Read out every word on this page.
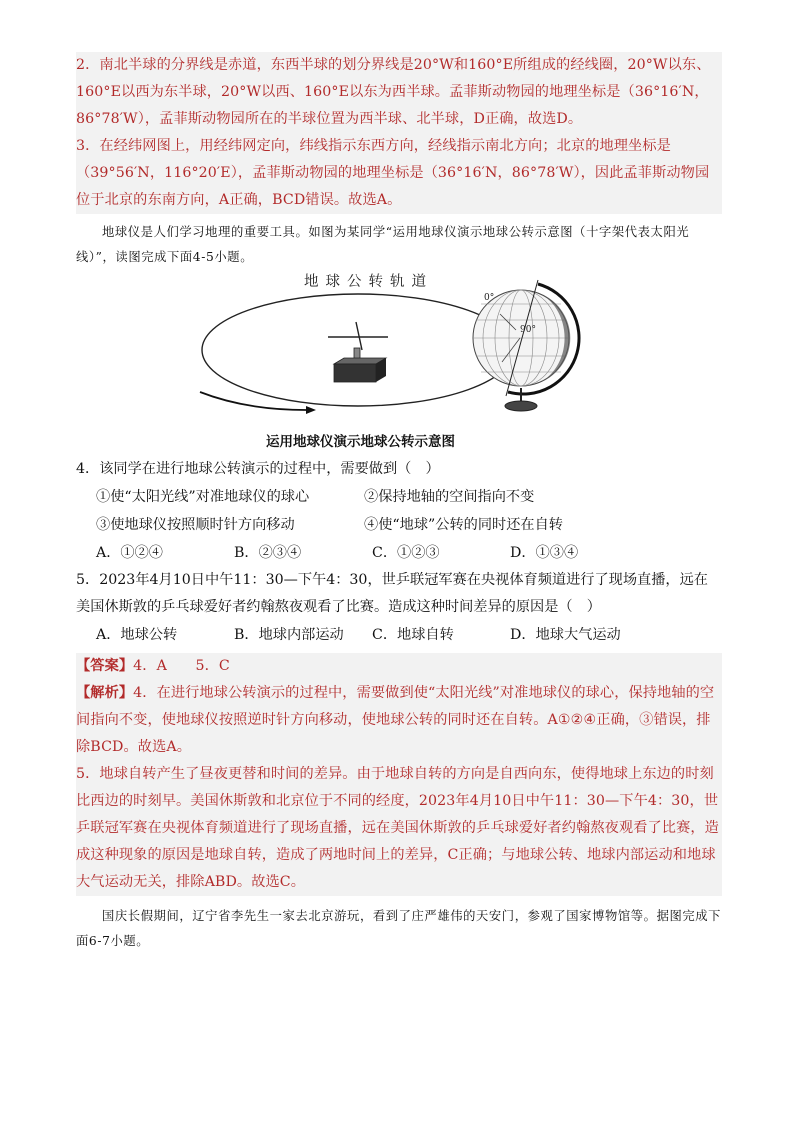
2．南北半球的分界线是赤道，东西半球的划分界线是20°W和160°E所组成的经线圈，20°W以东、160°E以西为东半球，20°W以西、160°E以东为西半球。孟菲斯动物园的地理坐标是（36°16′N，86°78′W），孟菲斯动物园所在的半球位置为西半球、北半球，D正确，故选D。

3．在经纬网图上，用经纬网定向，纬线指示东西方向，经线指示南北方向；北京的地理坐标是（39°56′N，116°20′E），孟菲斯动物园的地理坐标是（36°16′N，86°78′W），因此孟菲斯动物园位于北京的东南方向，A正确，BCD错误。故选A。

地球仪是人们学习地理的重要工具。如图为某同学“运用地球仪演示地球公转示意图（十字架代表太阳光线）”，读图完成下面4-5小题。

地球公转轨道
0°
90°
运用地球仪演示地球公转示意图

4．该同学在进行地球公转演示的过程中，需要做到（　）

①使“太阳光线”对准地球仪的球心	②保持地轴的空间指向不变
③使地球仪按照顺时针方向移动	④使“地球”公转的同时还在自转
A．①②④	B．②③④	C．①②③	D．①③④

5．2023年4月10日中午11：30—下午4：30，世乒联冠军赛在央视体育频道进行了现场直播，远在美国休斯敦的乒乓球爱好者约翰熬夜观看了比赛。造成这种时间差异的原因是（　）

A．地球公转	B．地球内部运动	C．地球自转	D．地球大气运动

【答案】4．A　　5．C

【解析】4．在进行地球公转演示的过程中，需要做到使“太阳光线”对准地球仪的球心，保持地轴的空间指向不变，使地球仪按照逆时针方向移动，使地球公转的同时还在自转。A①②④正确，③错误，排除BCD。故选A。

5．地球自转产生了昼夜更替和时间的差异。由于地球自转的方向是自西向东，使得地球上东边的时刻比西边的时刻早。美国休斯敦和北京位于不同的经度，2023年4月10日中午11：30—下午4：30，世乒联冠军赛在央视体育频道进行了现场直播，远在美国休斯敦的乒乓球爱好者约翰熬夜观看了比赛，造成这种现象的原因是地球自转，造成了两地时间上的差异，C正确；与地球公转、地球内部运动和地球大气运动无关，排除ABD。故选C。

国庆长假期间，辽宁省李先生一家去北京游玩，看到了庄严雄伟的天安门，参观了国家博物馆等。据图完成下面6-7小题。
